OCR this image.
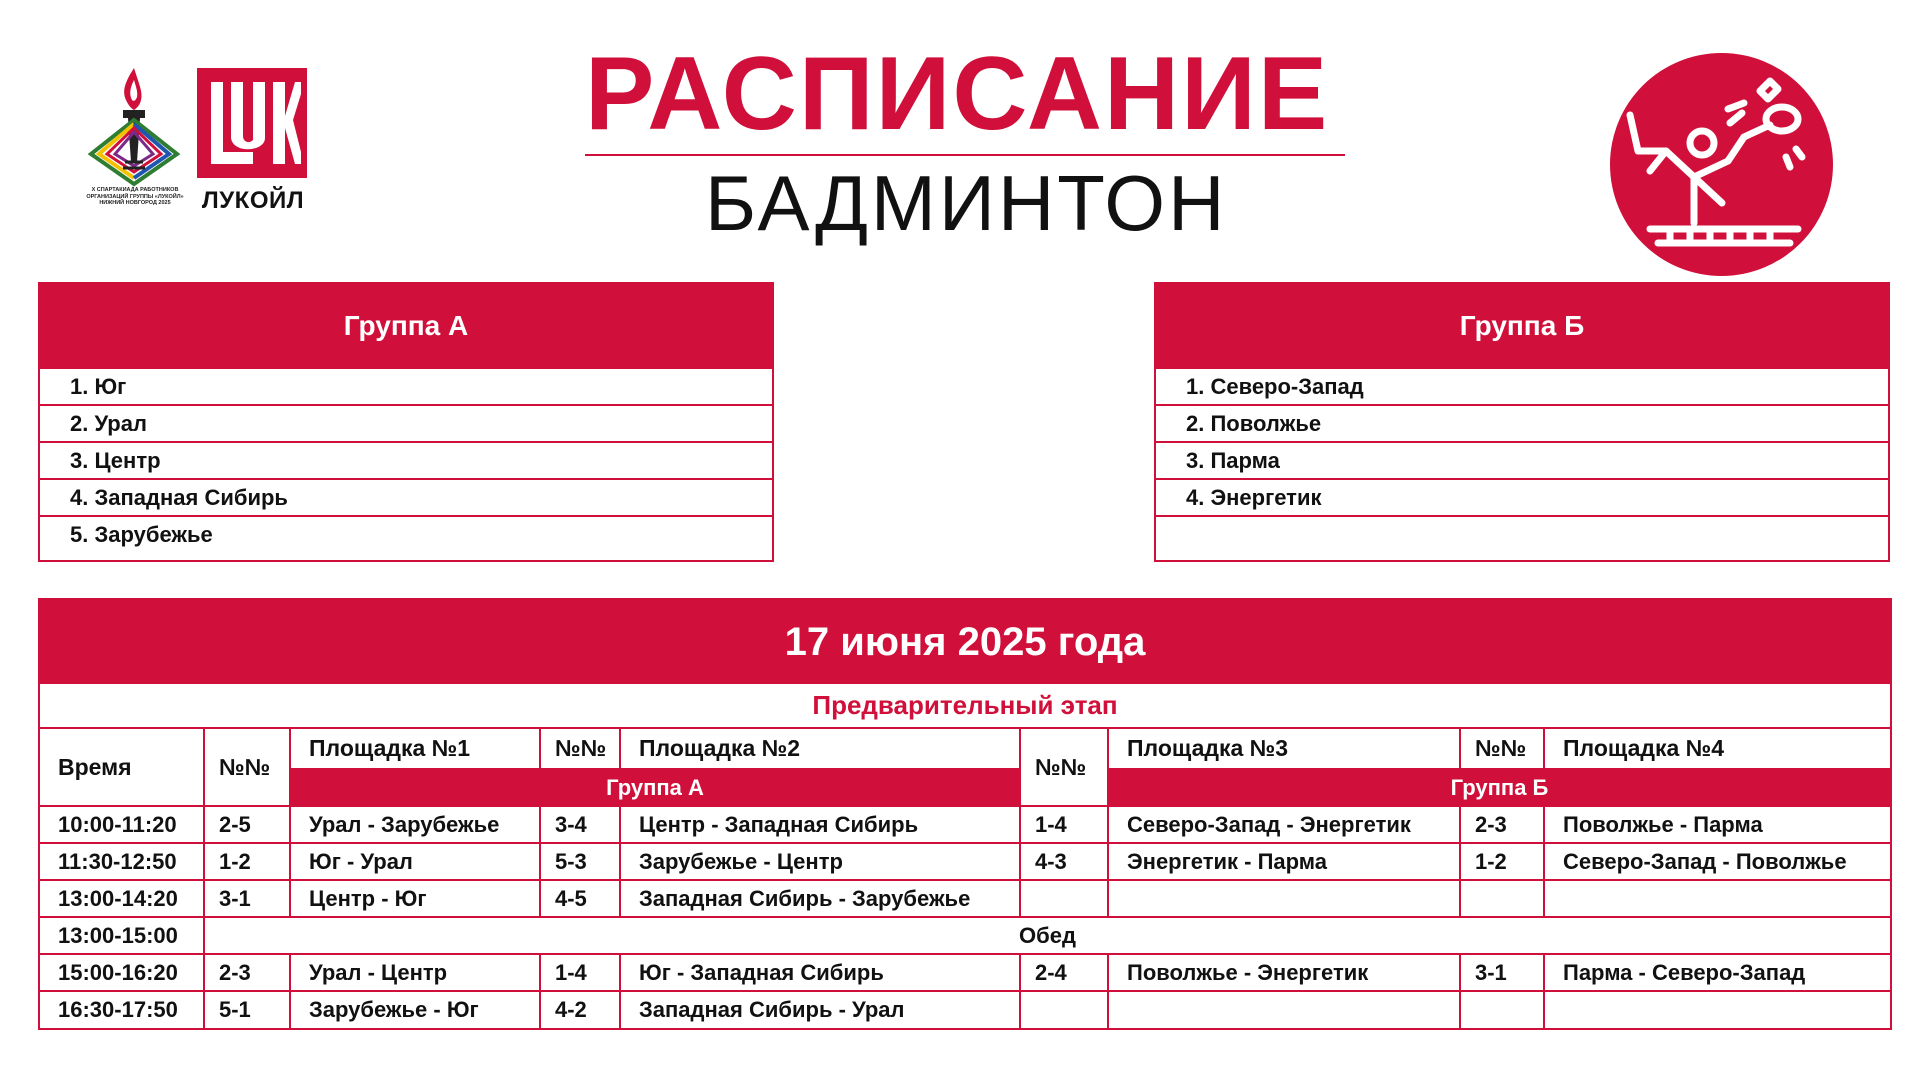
Х СПАРТАКИАДА РАБОТНИКОВ
ОРГАНИЗАЦИЙ ГРУППЫ «ЛУКОЙЛ»
НИЖНИЙ НОВГОРОД 2025	ЛУКОЙЛ
РАСПИСАНИЕ
БАДМИНТОН
Группа А
1. Юг
2. Урал
3. Центр
4. Западная Сибирь
5. Зарубежье
Группа Б
1. Северо-Запад
2. Поволжье
3. Парма
4. Энергетик
17 июня 2025 года
Предварительный этап
Время	№№	Площадка №1	№№	Площадка №2	№№	Площадка №3	№№	Площадка №4
		Группа А				Группа Б		
10:00-11:20	2-5	Урал - Зарубежье	3-4	Центр - Западная Сибирь	1-4	Северо-Запад - Энергетик	2-3	Поволжье - Парма
11:30-12:50	1-2	Юг - Урал	5-3	Зарубежье - Центр	4-3	Энергетик - Парма	1-2	Северо-Запад - Поволжье
13:00-14:20	3-1	Центр - Юг	4-5	Западная Сибирь - Зарубежье				
13:00-15:00	Обед							
15:00-16:20	2-3	Урал - Центр	1-4	Юг - Западная Сибирь	2-4	Поволжье - Энергетик	3-1	Парма - Северо-Запад
16:30-17:50	5-1	Зарубежье - Юг	4-2	Западная Сибирь - Урал				
